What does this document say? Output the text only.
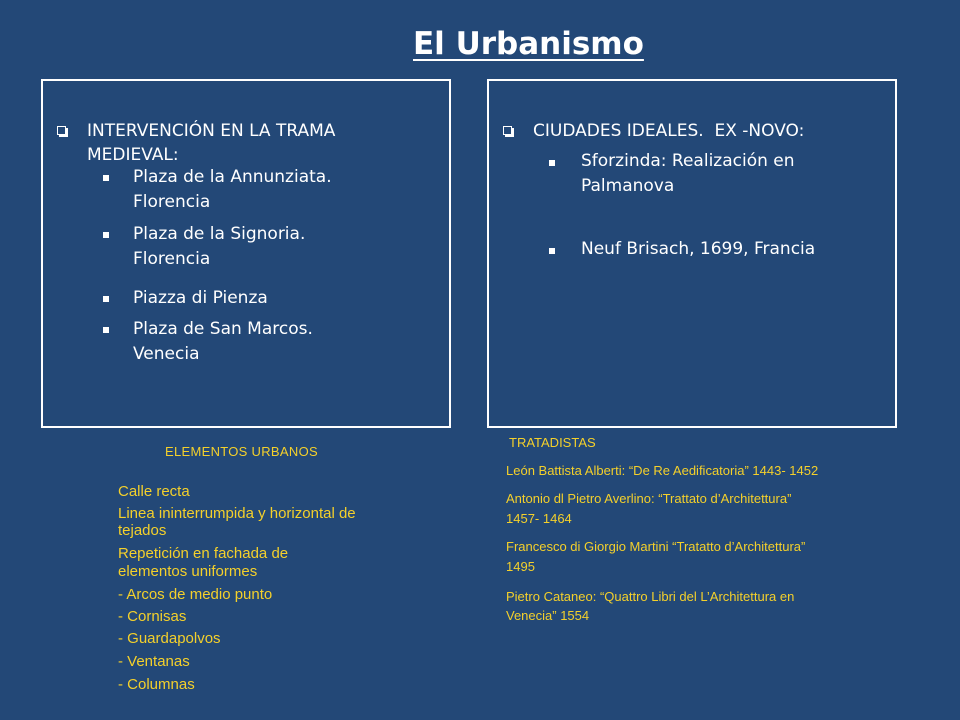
El Urbanismo
INTERVENCIÓN EN LA TRAMA
MEDIEVAL:
Plaza de la Annunziata.
Florencia
Plaza de la Signoria.
Florencia
Piazza di Pienza
Plaza de San Marcos.
Venecia
CIUDADES IDEALES.  EX -NOVO:
Sforzinda: Realización en
Palmanova
Neuf Brisach, 1699, Francia
ELEMENTOS URBANOS
Calle recta
Linea ininterrumpida y horizontal de
tejados
Repetición en fachada de
elementos uniformes
- Arcos de medio punto
- Cornisas
- Guardapolvos
- Ventanas
- Columnas
TRATADISTAS
León Battista Alberti: “De Re Aedificatoria” 1443- 1452
Antonio dl Pietro Averlino: “Trattato d’Architettura”
1457- 1464
Francesco di Giorgio Martini “Tratatto d’Architettura”
1495
Pietro Cataneo: “Quattro Libri del L’Architettura en
Venecia” 1554
